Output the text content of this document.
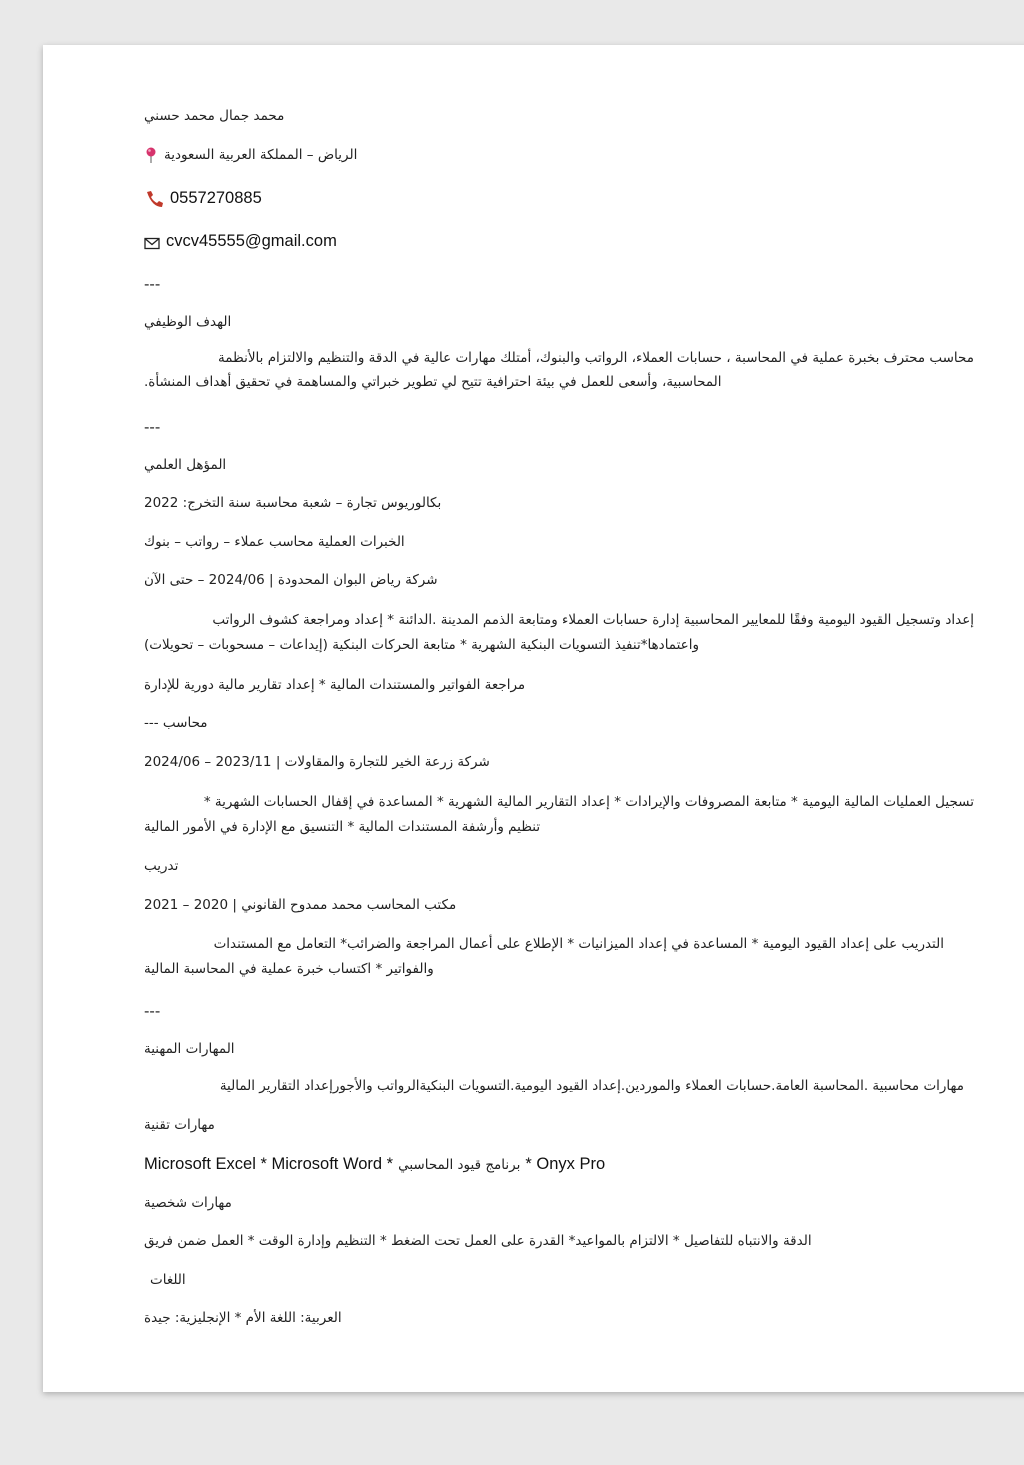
محمد جمال محمد حسني
الرياض – المملكة العربية السعودية
0557270885
cvcv45555@gmail.com
---
الهدف الوظيفي
محاسب محترف بخبرة عملية في المحاسبة ، حسابات العملاء، الرواتب والبنوك، أمتلك مهارات عالية في الدقة والتنظيم والالتزام بالأنظمة
المحاسبية، وأسعى للعمل في بيئة احترافية تتيح لي تطوير خبراتي والمساهمة في تحقيق أهداف المنشأة.
---
المؤهل العلمي
بكالوريوس تجارة – شعبة محاسبة سنة التخرج: 2022
الخبرات العملية محاسب عملاء – رواتب – بنوك
شركة رياض البوان المحدودة | 2024/06 – حتى الآن
إعداد وتسجيل القيود اليومية وفقًا للمعايير المحاسبية إدارة حسابات العملاء ومتابعة الذمم المدينة .الدائنة * إعداد ومراجعة كشوف الرواتب
واعتمادها*تنفيذ التسويات البنكية الشهرية * متابعة الحركات البنكية (إيداعات – مسحوبات – تحويلات)
مراجعة الفواتير والمستندات المالية * إعداد تقارير مالية دورية للإدارة
محاسب ---
شركة زرعة الخير للتجارة والمقاولات | 2023/11 – 2024/06
تسجيل العمليات المالية اليومية * متابعة المصروفات والإيرادات * إعداد التقارير المالية الشهرية * المساعدة في إقفال الحسابات الشهرية *
تنظيم وأرشفة المستندات المالية * التنسيق مع الإدارة في الأمور المالية
تدريب
مكتب المحاسب محمد ممدوح القانوني | 2020 – 2021
التدريب على إعداد القيود اليومية * المساعدة في إعداد الميزانيات * الإطلاع على أعمال المراجعة والضرائب* التعامل مع المستندات
والفواتير * اكتساب خبرة عملية في المحاسبة المالية
---
المهارات المهنية
مهارات محاسبية .المحاسبة العامة.حسابات العملاء والموردين.إعداد القيود اليومية.التسويات البنكيةالرواتب والأجورإعداد التقارير المالية
مهارات تقنية
Microsoft Excel * Microsoft Word * برنامج قيود المحاسبي * Onyx Pro
مهارات شخصية
الدقة والانتباه للتفاصيل * الالتزام بالمواعيد* القدرة على العمل تحت الضغط * التنظيم وإدارة الوقت * العمل ضمن فريق
اللغات
العربية: اللغة الأم * الإنجليزية: جيدة
